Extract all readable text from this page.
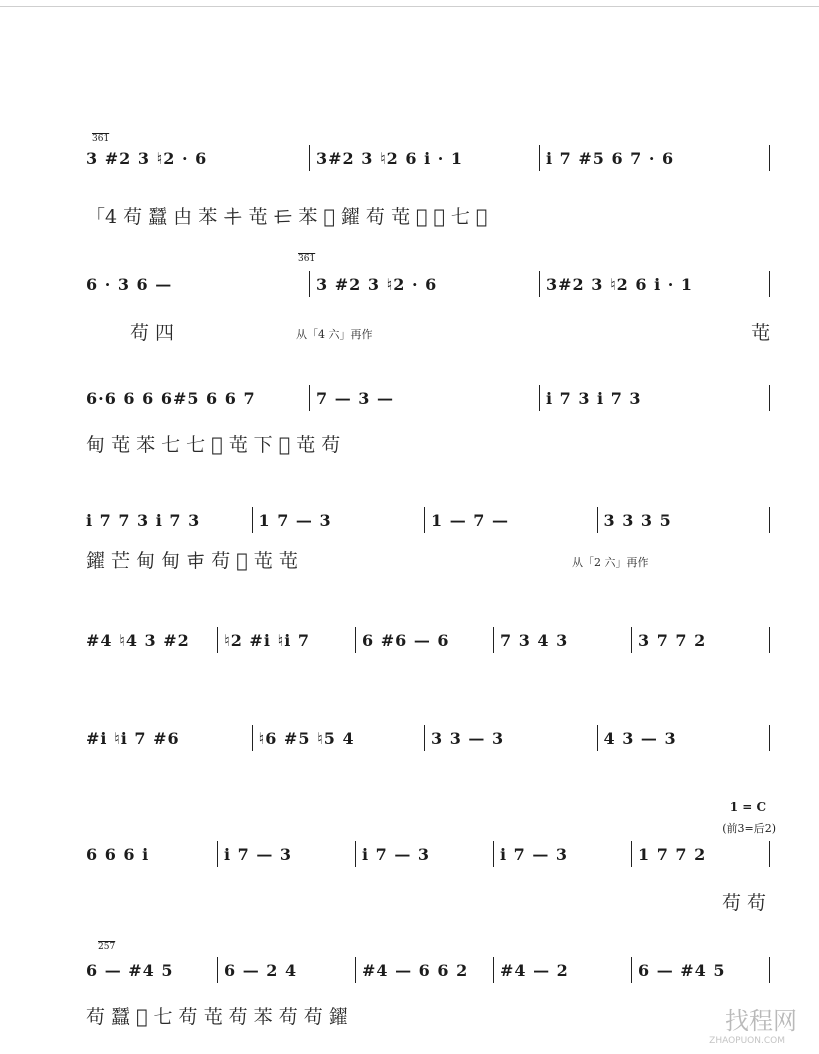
361
3 #2 3 ♮2 · 6	3#2 3 ♮2 6 i · 1	i 7 #5 6 7 · 6
「4 苟 蠶 甴 苯 𰀁 芚 𰀂 苯 𰀃 鑃 苟 芚 𰀄 𰀅 七 𰀆
361
6 · 3 6 —	3 #2 3 ♮2 · 6	3#2 3 ♮2 6 i · 1
苟 四	从「4 六」再作	芚
6·6 6 6 6#5 6 6 7	7 — 3 —	i 7 3 i 7 3
甸 芚 苯 七 七 𰀇 芚 下 𰀈 芚 苟
i 7 7 3 i 7 3	1 7 — 3	1 — 7 —	3 3 3 5
鑃 芒 甸 甸 𰀉 苟 𰀊 芚 芚	从「2 六」再作
#4 ♮4 3 #2	♮2 #i ♮i 7	6 #6 — 6	7 3 4 3	3 7 7 2
#i ♮i 7 #6	♮6 #5 ♮5 4	3 3 — 3	4 3 — 3
1 = C
(前3=后2)
6 6 6 i	i 7 — 3	i 7 — 3	i 7 — 3	1 7 7 2
苟 苟
257
6 — #4 5	6 — 2 4	#4 — 6 6 2	#4 — 2	6 — #4 5
苟 蠶 𰀋 七 苟 芚 苟 苯 苟 苟 鑃	找程网
ZHAOPUON.COM
